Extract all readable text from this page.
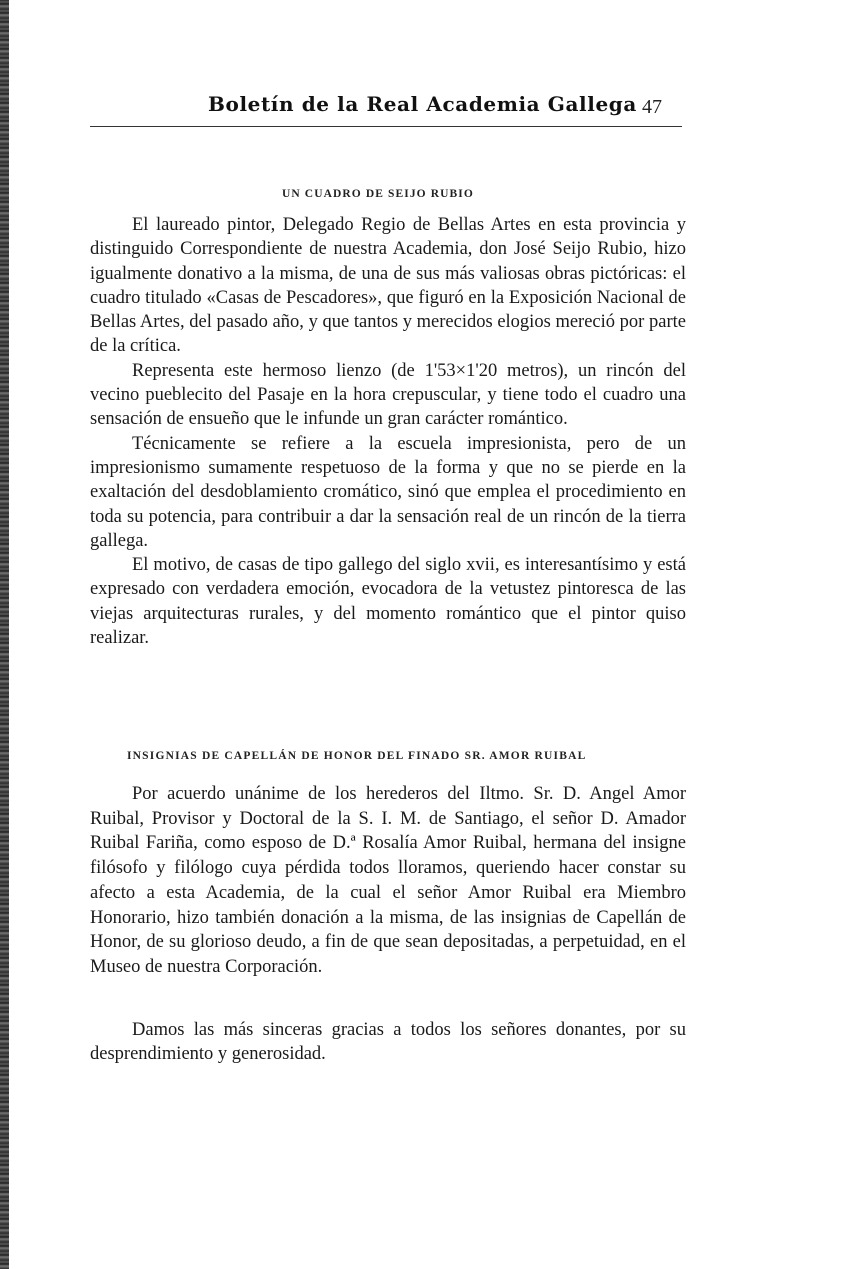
Boletín de la Real Academia Gallega 47
UN CUADRO DE SEIJO RUBIO

El laureado pintor, Delegado Regio de Bellas Artes en esta provincia y distinguido Correspondiente de nuestra Academia, don José Seijo Rubio, hizo igualmente donativo a la misma, de una de sus más valiosas obras pictóricas: el cuadro titulado «Casas de Pescadores», que figuró en la Exposición Nacional de Bellas Artes, del pasado año, y que tantos y merecidos elogios mereció por parte de la crítica.

Representa este hermoso lienzo (de 1'53×1'20 metros), un rincón del vecino pueblecito del Pasaje en la hora crepuscular, y tiene todo el cuadro una sensación de ensueño que le infunde un gran carácter romántico.

Técnicamente se refiere a la escuela impresionista, pero de un impresionismo sumamente respetuoso de la forma y que no se pierde en la exaltación del desdoblamiento cromático, sinó que emplea el procedimiento en toda su potencia, para contribuir a dar la sensación real de un rincón de la tierra gallega.

El motivo, de casas de tipo gallego del siglo xvii, es interesantísimo y está expresado con verdadera emoción, evocadora de la vetustez pintoresca de las viejas arquitecturas rurales, y del momento romántico que el pintor quiso realizar.

INSIGNIAS DE CAPELLÁN DE HONOR DEL FINADO SR. AMOR RUIBAL

Por acuerdo unánime de los herederos del Iltmo. Sr. D. Angel Amor Ruibal, Provisor y Doctoral de la S. I. M. de Santiago, el señor D. Amador Ruibal Fariña, como esposo de D.ª Rosalía Amor Ruibal, hermana del insigne filósofo y filólogo cuya pérdida todos lloramos, queriendo hacer constar su afecto a esta Academia, de la cual el señor Amor Ruibal era Miembro Honorario, hizo también donación a la misma, de las insignias de Capellán de Honor, de su glorioso deudo, a fin de que sean depositadas, a perpetuidad, en el Museo de nuestra Corporación.

Damos las más sinceras gracias a todos los señores donantes, por su desprendimiento y generosidad.
